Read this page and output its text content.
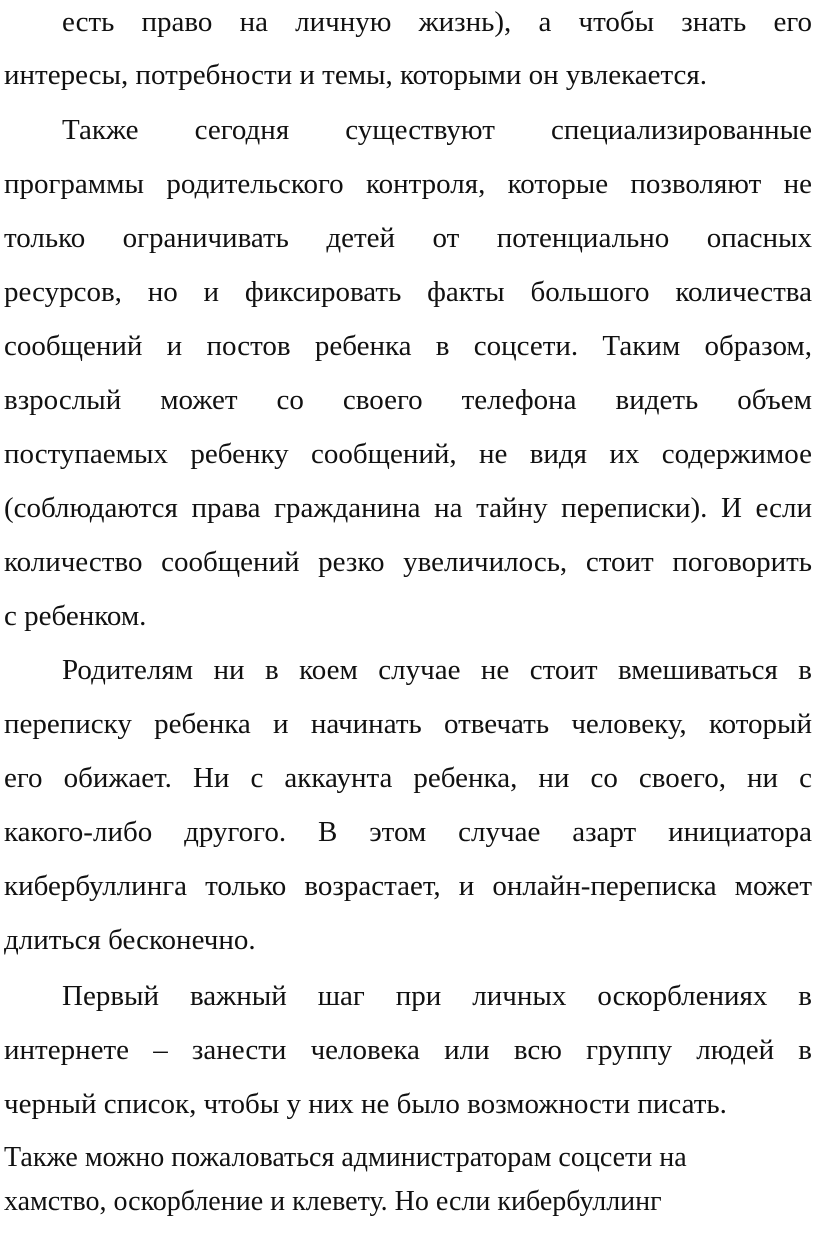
есть право на личную жизнь), а чтобы знать его
интересы, потребности и темы, которыми он увлекается.
Также сегодня существуют специализированные
программы родительского контроля, которые позволяют не
только ограничивать детей от потенциально опасных
ресурсов, но и фиксировать факты большого количества
сообщений и постов ребенка в соцсети. Таким образом,
взрослый может со своего телефона видеть объем
поступаемых ребенку сообщений, не видя их содержимое
(соблюдаются права гражданина на тайну переписки). И если
количество сообщений резко увеличилось, стоит поговорить
с ребенком.
Родителям ни в коем случае не стоит вмешиваться в
переписку ребенка и начинать отвечать человеку, который
его обижает. Ни с аккаунта ребенка, ни со своего, ни с
какого-либо другого. В этом случае азарт инициатора
кибербуллинга только возрастает, и онлайн-переписка может
длиться бесконечно.
Первый важный шаг при личных оскорблениях в
интернете – занести человека или всю группу людей в
черный список, чтобы у них не было возможности писать.
Также можно пожаловаться администраторам соцсети на
хамство, оскорбление и клевету. Но если кибербуллинг
